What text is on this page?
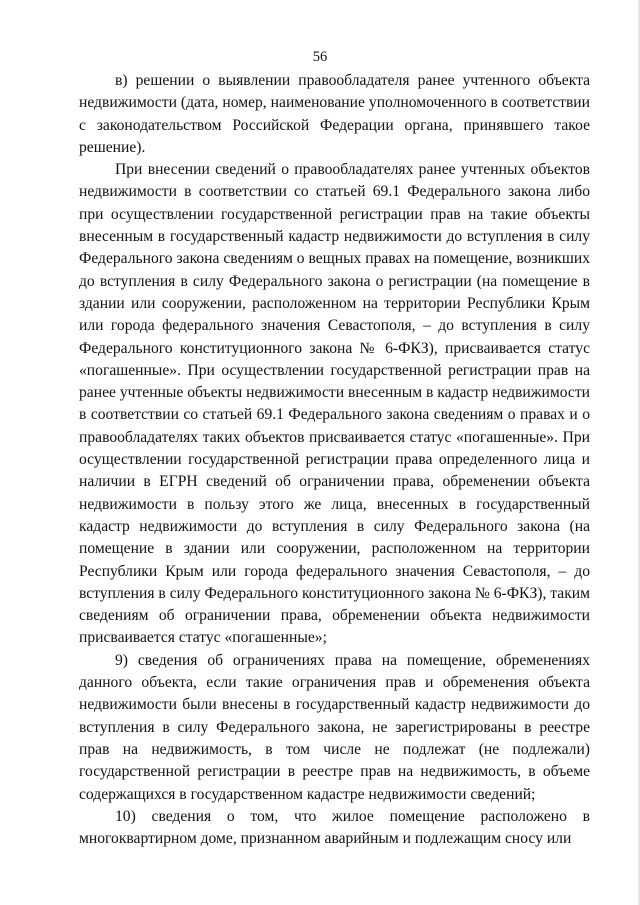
56

в) решении о выявлении правообладателя ранее учтенного объекта недвижимости (дата, номер, наименование уполномоченного в соответствии с законодательством Российской Федерации органа, принявшего такое решение).

При внесении сведений о правообладателях ранее учтенных объектов недвижимости в соответствии со статьей 69.1 Федерального закона либо при осуществлении государственной регистрации прав на такие объекты внесенным в государственный кадастр недвижимости до вступления в силу Федерального закона сведениям о вещных правах на помещение, возникших до вступления в силу Федерального закона о регистрации (на помещение в здании или сооружении, расположенном на территории Республики Крым или города федерального значения Севастополя, – до вступления в силу Федерального конституционного закона № 6-ФКЗ), присваивается статус «погашенные». При осуществлении государственной регистрации прав на ранее учтенные объекты недвижимости внесенным в кадастр недвижимости в соответствии со статьей 69.1 Федерального закона сведениям о правах и о правообладателях таких объектов присваивается статус «погашенные». При осуществлении государственной регистрации права определенного лица и наличии в ЕГРН сведений об ограничении права, обременении объекта недвижимости в пользу этого же лица, внесенных в государственный кадастр недвижимости до вступления в силу Федерального закона (на помещение в здании или сооружении, расположенном на территории Республики Крым или города федерального значения Севастополя, – до вступления в силу Федерального конституционного закона № 6-ФКЗ), таким сведениям об ограничении права, обременении объекта недвижимости присваивается статус «погашенные»;

9) сведения об ограничениях права на помещение, обременениях данного объекта, если такие ограничения прав и обременения объекта недвижимости были внесены в государственный кадастр недвижимости до вступления в силу Федерального закона, не зарегистрированы в реестре прав на недвижимость, в том числе не подлежат (не подлежали) государственной регистрации в реестре прав на недвижимость, в объеме содержащихся в государственном кадастре недвижимости сведений;

10) сведения о том, что жилое помещение расположено в многоквартирном доме, признанном аварийным и подлежащим сносу или
